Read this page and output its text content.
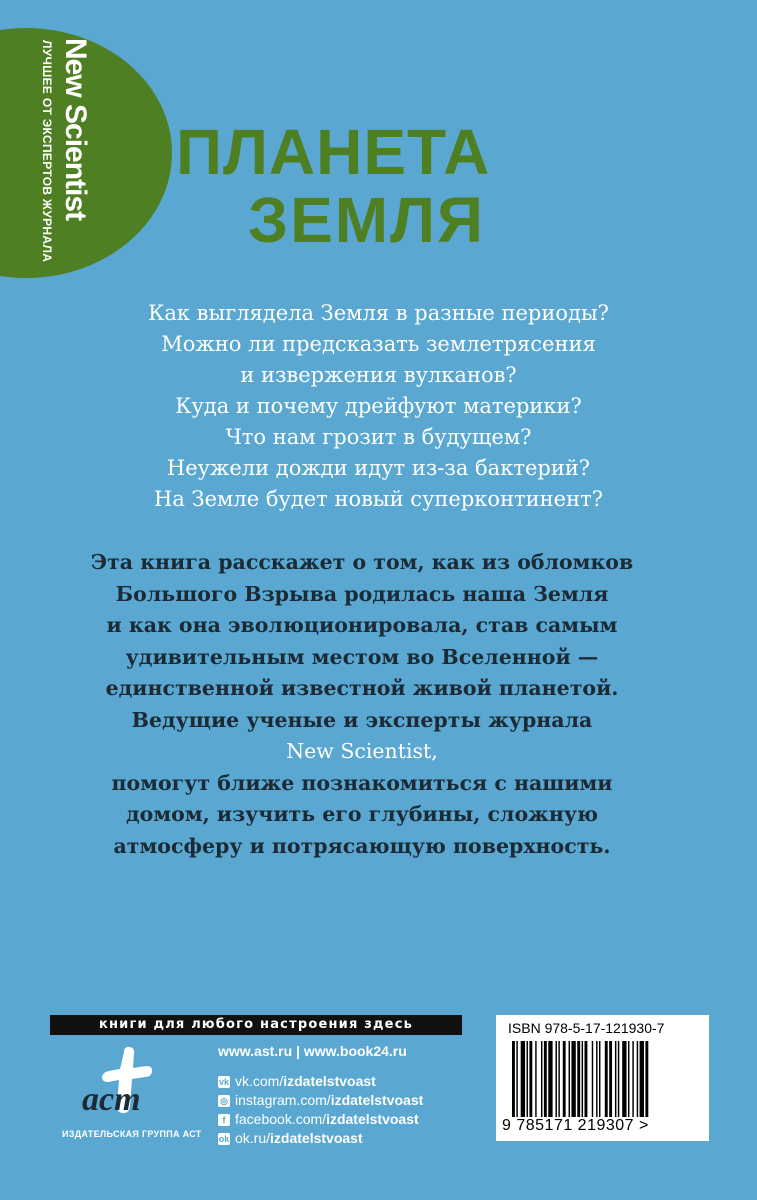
New Scientist
ЛУЧШЕЕ ОТ ЭКСПЕРТОВ ЖУРНАЛА ПЛАНЕТА
ЗЕМЛЯ
Как выглядела Земля в разные периоды?
Можно ли предсказать землетрясения
и извержения вулканов?
Куда и почему дрейфуют материки?
Что нам грозит в будущем?
Неужели дожди идут из-за бактерий?
На Земле будет новый суперконтинент?
Эта книга расскажет о том, как из обломков
Большого Взрыва родилась наша Земля
и как она эволюционировала, став самым
удивительным местом во Вселенной —
единственной известной живой планетой.
Ведущие ученые и эксперты журнала
New Scientist,
помогут ближе познакомиться с нашими
домом, изучить его глубины, сложную
атмосферу и потрясающую поверхность.
книги для любого настроения здесь
аст
ИЗДАТЕЛЬСКАЯ ГРУППА АСТ
www.ast.ru | www.book24.ru
vk vk.com/izdatelstvoast
◎ instagram.com/izdatelstvoast
f facebook.com/izdatelstvoast
ok ok.ru/izdatelstvoast
ISBN 978-5-17-121930-7
9 785171 219307 >
